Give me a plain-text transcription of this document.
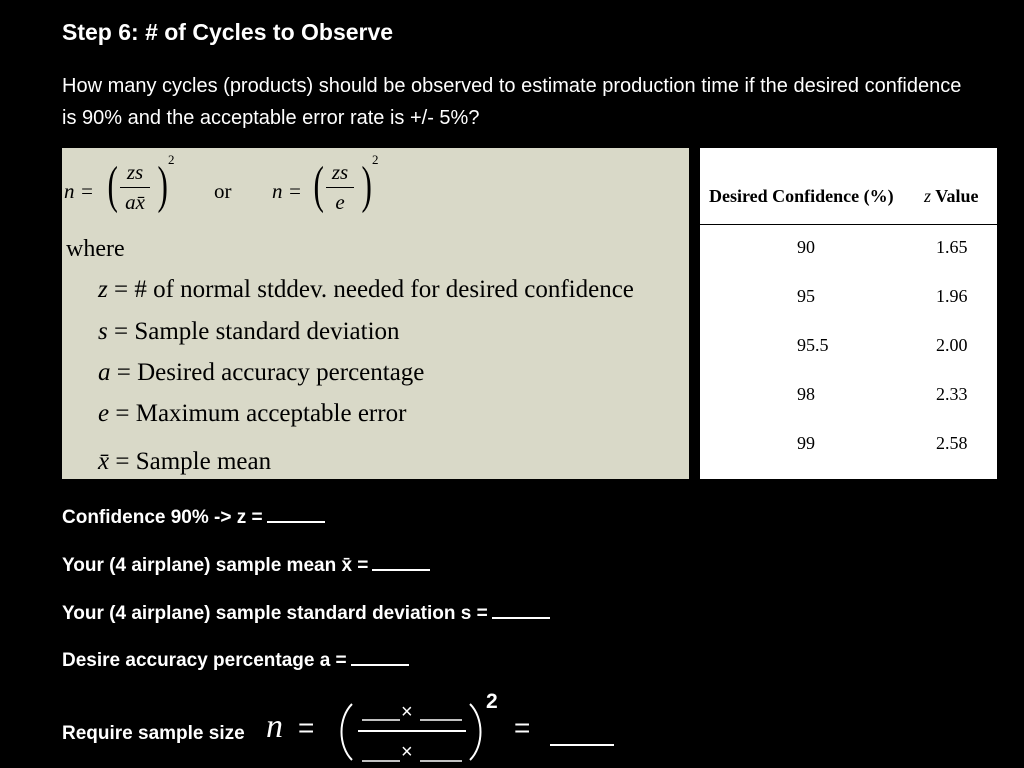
Step 6: # of Cycles to Observe
How many cycles (products) should be observed to estimate production time if the desired confidence is 90% and the acceptable error rate is +/- 5%?
n = ( zs
ax̄ ) 2
or n = ( zs
e ) 2
where
z = # of normal stddev. needed for desired confidence
s = Sample standard deviation
a = Desired accuracy percentage
e = Maximum acceptable error
x̄ = Sample mean
Desired Confidence (%) z Value
90	1.65
95	1.96
95.5	2.00
98	2.33
99	2.58
Confidence 90% -> z =
Your (4 airplane) sample mean x̄ =
Your (4 airplane) sample standard deviation s =
Desire accuracy percentage a =
Require sample size n =	×
×
2
=
